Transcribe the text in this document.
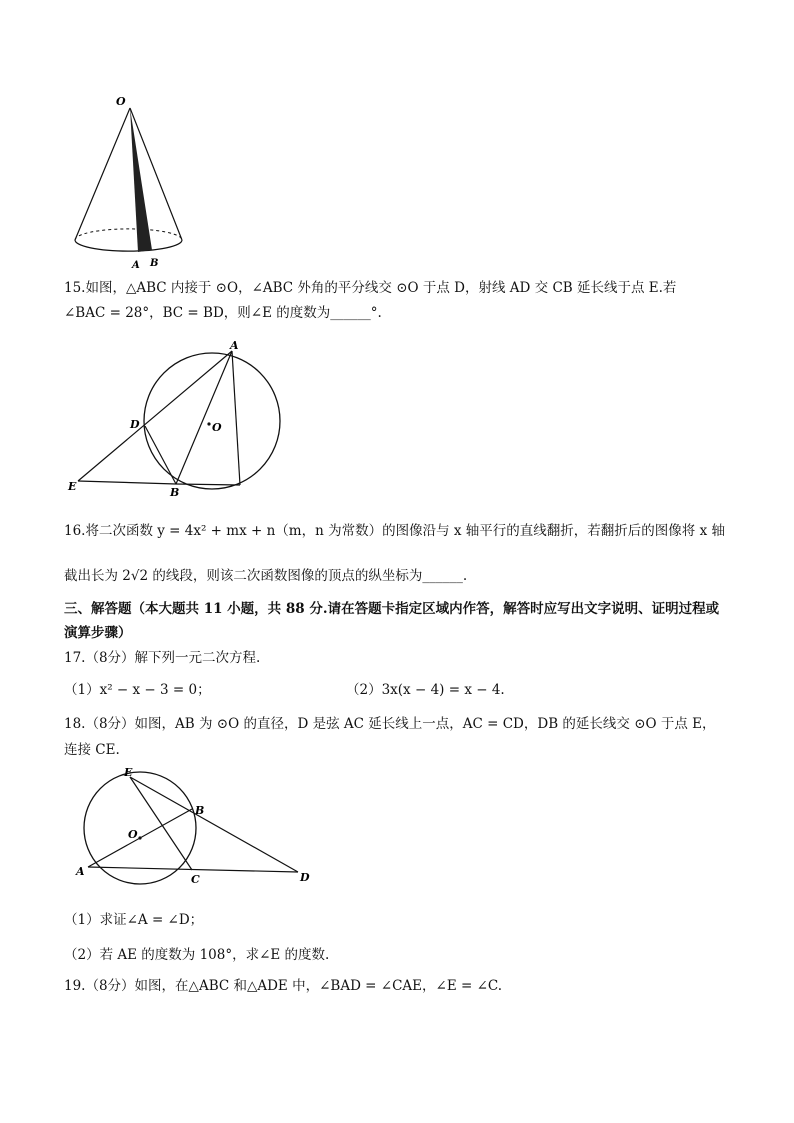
O
A B
15.如图，△ABC 内接于 ⊙O，∠ABC 外角的平分线交 ⊙O 于点 D，射线 AD 交 CB 延长线于点 E.若
∠BAC = 28°，BC = BD，则∠E 的度数为______°.
A
D	O
E	B
16.将二次函数 y = 4x² + mx + n（m，n 为常数）的图像沿与 x 轴平行的直线翻折，若翻折后的图像将 x 轴
截出长为 2√2 的线段，则该二次函数图像的顶点的纵坐标为______.
三、解答题（本大题共 11 小题，共 88 分.请在答题卡指定区域内作答，解答时应写出文字说明、证明过程或
演算步骤）
17.（8分）解下列一元二次方程.
（1）x² − x − 3 = 0；	（2）3x(x − 4) = x − 4.
18.（8分）如图，AB 为 ⊙O 的直径，D 是弦 AC 延长线上一点，AC = CD，DB 的延长线交 ⊙O 于点 E，
连接 CE.
E
B
O
A
C	D
（1）求证∠A = ∠D；
（2）若 AE 的度数为 108°，求∠E 的度数.
19.（8分）如图，在△ABC 和△ADE 中，∠BAD = ∠CAE，∠E = ∠C.
